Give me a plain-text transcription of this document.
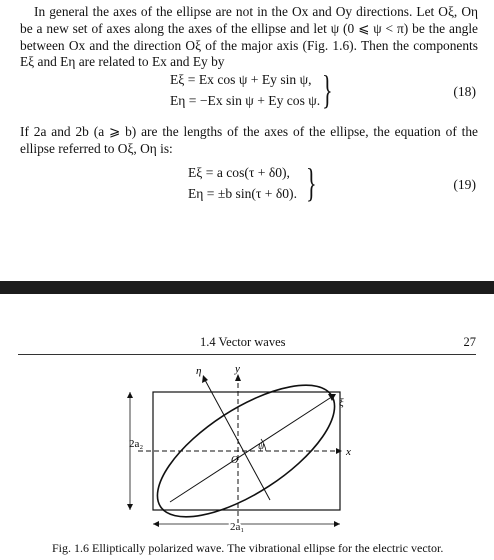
In general the axes of the ellipse are not in the Ox and Oy directions. Let Oξ, Oη be a new set of axes along the axes of the ellipse and let ψ (0 ⩽ ψ < π) be the angle between Ox and the direction Oξ of the major axis (Fig. 1.6). Then the components Eξ and Eη are related to Ex and Ey by

Eξ = Ex cos ψ + Ey sin ψ,
Eη = −Ex sin ψ + Ey cos ψ. }	(18)

If 2a and 2b (a ⩾ b) are the lengths of the axes of the ellipse, the equation of the ellipse referred to Oξ, Oη is:

Eξ = a cos(τ + δ0),
Eη = ±b sin(τ + δ0). }	(19)
1.4 Vector waves	27
η	y
ξ
x
O
ψ
2a₂
2a₁
Fig. 1.6 Elliptically polarized wave. The vibrational ellipse for the electric vector.
